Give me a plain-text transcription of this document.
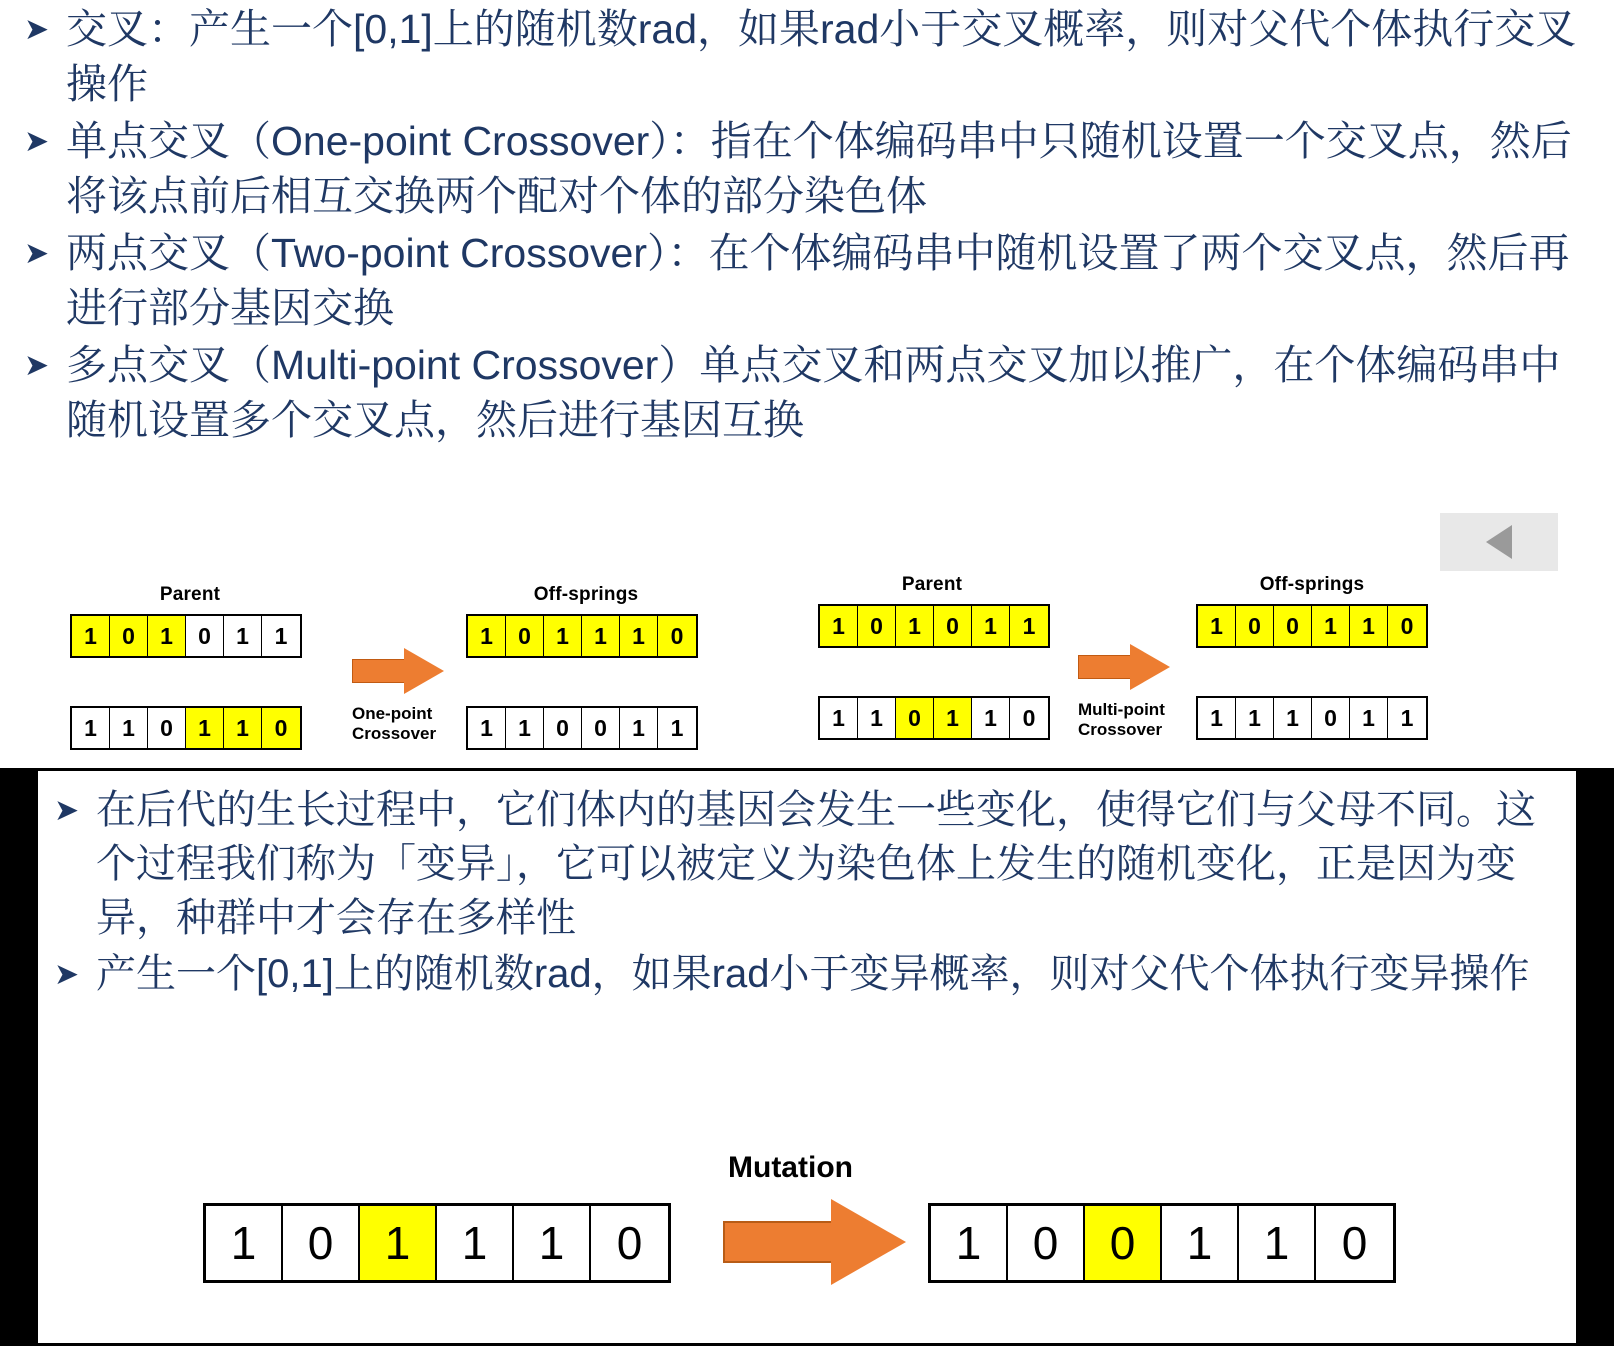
➤ 交叉：产生一个[0,1]上的随机数rad，如果rad小于交叉概率，则对父代个体执行交叉操作
➤ 单点交叉（One-point Crossover）：指在个体编码串中只随机设置一个交叉点，然后将该点前后相互交换两个配对个体的部分染色体
➤ 两点交叉（Two-point Crossover）：在个体编码串中随机设置了两个交叉点，然后再进行部分基因交换
➤ 多点交叉（Multi-point Crossover）单点交叉和两点交叉加以推广，在个体编码串中随机设置多个交叉点，然后进行基因互换
Parent
1	0	1	0	1	1
1	1	0	1	1	0
One-point
Crossover
Off-springs
1	0	1	1	1	0
1	1	0	0	1	1
Parent
1	0	1	0	1	1
1	1	0	1	1	0	Multi-point
Crossover
Off-springs
1	0	0	1	1	0
1	1	1	0	1	1
➤ 在后代的生长过程中，它们体内的基因会发生一些变化，使得它们与父母不同。这个过程我们称为「变异」，它可以被定义为染色体上发生的随机变化，正是因为变异，种群中才会存在多样性
➤ 产生一个[0,1]上的随机数rad，如果rad小于变异概率，则对父代个体执行变异操作
Mutation
1	0	1	1	1	0	1	0	0	1	1	0
